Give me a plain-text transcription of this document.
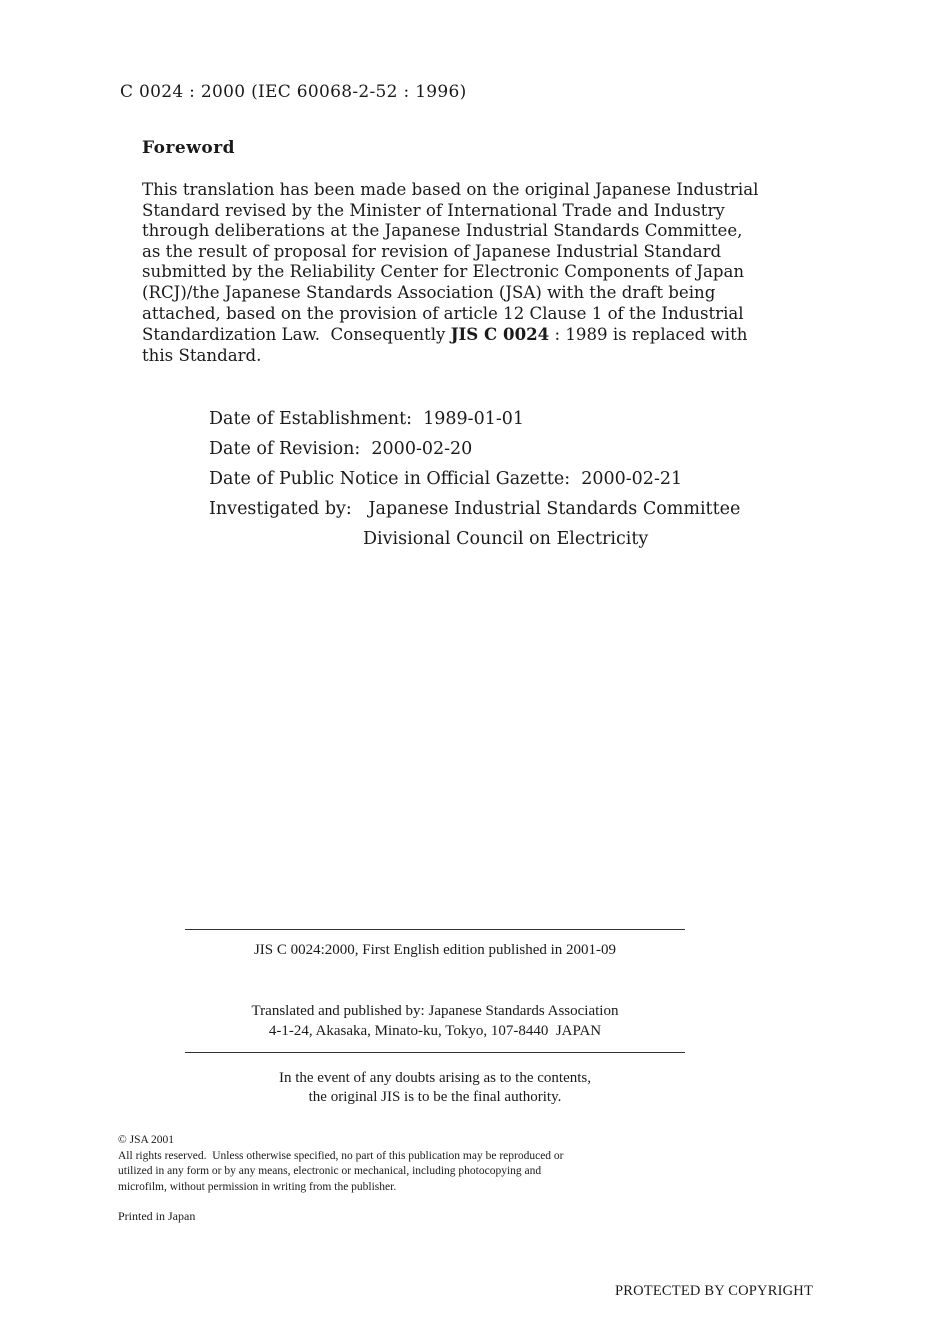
C 0024 : 2000 (IEC 60068-2-52 : 1996)
Foreword

This translation has been made based on the original Japanese Industrial

Standard revised by the Minister of International Trade and Industry

through deliberations at the Japanese Industrial Standards Committee,

as the result of proposal for revision of Japanese Industrial Standard

submitted by the Reliability Center for Electronic Components of Japan

(RCJ)/the Japanese Standards Association (JSA) with the draft being

attached, based on the provision of article 12 Clause 1 of the Industrial

Standardization Law.  Consequently JIS C 0024 : 1989 is replaced with

this Standard.

Date of Establishment:  1989-01-01
Date of Revision:  2000-02-20
Date of Public Notice in Official Gazette:  2000-02-21
Investigated by: Japanese Industrial Standards Committee
Divisional Council on Electricity
JIS C 0024:2000, First English edition published in 2001-09
Translated and published by: Japanese Standards Association
4-1-24, Akasaka, Minato-ku, Tokyo, 107-8440  JAPAN
In the event of any doubts arising as to the contents,
the original JIS is to be the final authority.
© JSA 2001
All rights reserved.  Unless otherwise specified, no part of this publication may be reproduced or
utilized in any form or by any means, electronic or mechanical, including photocopying and
microfilm, without permission in writing from the publisher.
Printed in Japan
PROTECTED BY COPYRIGHT
